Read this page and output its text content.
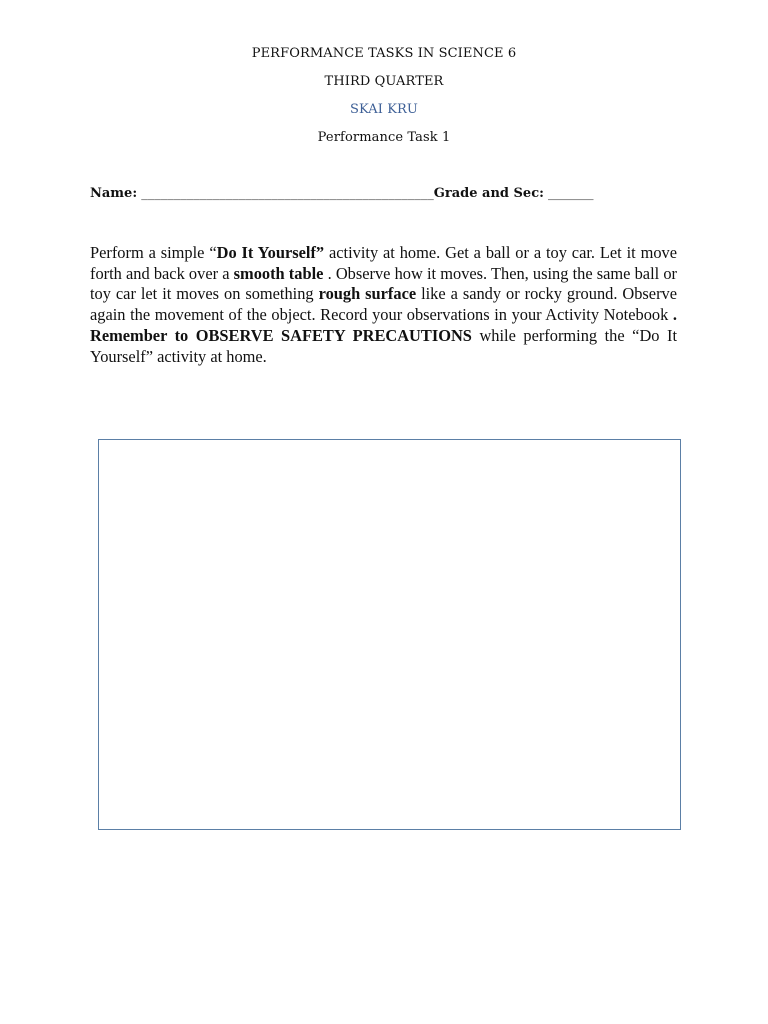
PERFORMANCE TASKS IN SCIENCE 6
THIRD QUARTER
SKAI KRU
Performance Task 1
Name: _____________________________________________Grade and Sec: _______
Perform a simple “Do It Yourself” activity at home. Get a ball or a toy car. Let it move forth and back over a smooth table . Observe how it moves. Then, using the same ball or toy car let it moves on something rough surface like a sandy or rocky ground. Observe again the movement of the object. Record your observations in your Activity Notebook . Remember to OBSERVE SAFETY PRECAUTIONS while performing the “Do It Yourself” activity at home.
